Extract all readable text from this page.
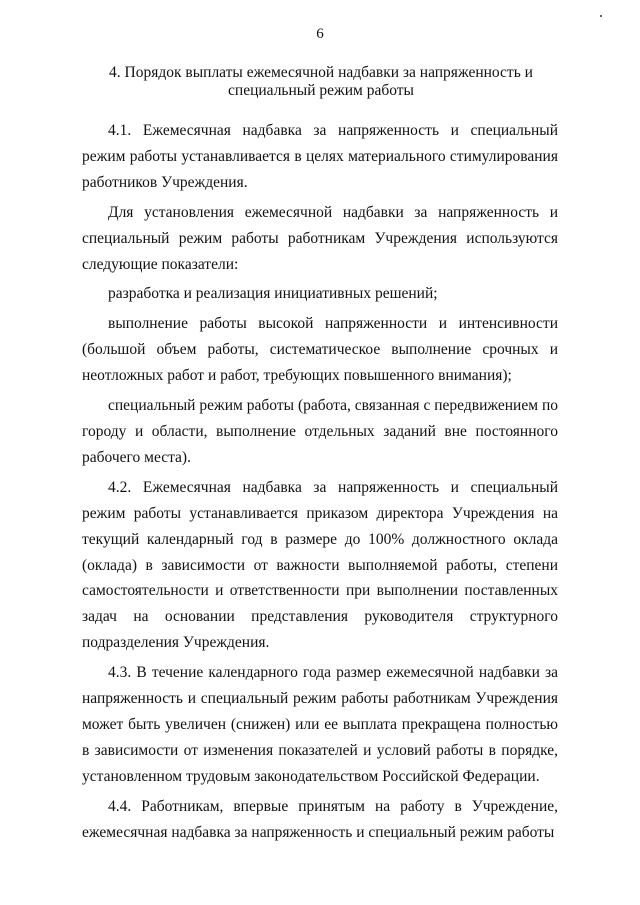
6
4. Порядок выплаты ежемесячной надбавки за напряженность и специальный режим работы

4.1. Ежемесячная надбавка за напряженность и специальный режим работы устанавливается в целях материального стимулирования работников Учреждения.

Для установления ежемесячной надбавки за напряженность и специальный режим работы работникам Учреждения используются следующие показатели:

разработка и реализация инициативных решений;

выполнение работы высокой напряженности и интенсивности (большой объем работы, систематическое выполнение срочных и неотложных работ и работ, требующих повышенного внимания);

специальный режим работы (работа, связанная с передвижением по городу и области, выполнение отдельных заданий вне постоянного рабочего места).

4.2. Ежемесячная надбавка за напряженность и специальный режим работы устанавливается приказом директора Учреждения на текущий календарный год в размере до 100% должностного оклада (оклада) в зависимости от важности выполняемой работы, степени самостоятельности и ответственности при выполнении поставленных задач на основании представления руководителя структурного подразделения Учреждения.

4.3. В течение календарного года размер ежемесячной надбавки за напряженность и специальный режим работы работникам Учреждения может быть увеличен (снижен) или ее выплата прекращена полностью в зависимости от изменения показателей и условий работы в порядке, установленном трудовым законодательством Российской Федерации.

4.4. Работникам, впервые принятым на работу в Учреждение, ежемесячная надбавка за напряженность и специальный режим работы
